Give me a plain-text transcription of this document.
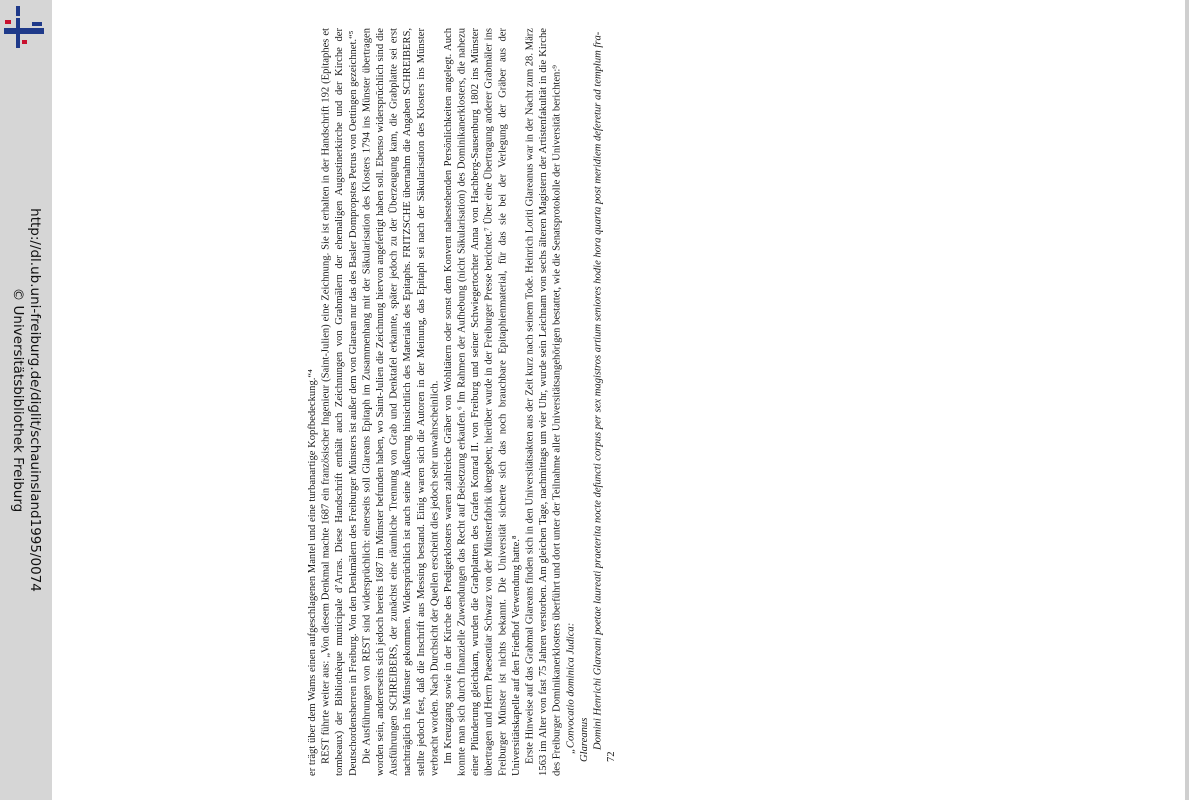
http://dl.ub.uni-freiburg.de/diglit/schauinsland1995/0074
© Universitätsbibliothek Freiburg	er trägt über dem Wams einen aufgeschlagenen Mantel und eine turbanartige Kopfbedeckung.“⁴ REST führte weiter aus: „Von diesem Denkmal machte 1687 ein französischer Ingenieur (Saint-Julien) eine Zeichnung. Sie ist erhalten in der Handschrift 192 (Epitaphes et tombeaux) der Bibliothèque municipale d’Arras. Diese Handschrift enthält auch Zeichnungen von Grabmälern der ehemaligen Augustinerkirche und der Kirche der Deutschordensherren in Freiburg. Von den Denkmälern des Freiburger Münsters ist außer dem von Glarean nur das des Basler Dompropstes Petrus von Oettingen gezeichnet.“⁵ Die Ausführungen von REST sind widersprüchlich: einerseits soll Glareans Epitaph im Zusammenhang mit der Säkularisation des Klosters 1794 ins Münster übertragen worden sein, andererseits sich jedoch bereits 1687 im Münster befunden haben, wo Saint-Julien die Zeichnung hiervon angefertigt haben soll. Ebenso widersprüchlich sind die Ausführungen SCHREIBERS, der zunächst eine räumliche Trennung von Grab und Denktafel erkannte, später jedoch zu der Überzeugung kam, die Grabplatte sei erst nachträglich ins Münster gekommen. Widersprüchlich ist auch seine Äußerung hinsichtlich des Materials des Epitaphs. FRITZSCHE übernahm die Angaben SCHREIBERS, stellte jedoch fest, daß die Inschrift aus Messing bestand. Einig waren sich die Autoren in der Meinung, das Epitaph sei nach der Säkularisation des Klosters ins Münster verbracht worden. Nach Durchsicht der Quellen erscheint dies jedoch sehr unwahrscheinlich. Im Kreuzgang sowie in der Kirche des Predigerklosters waren zahlreiche Gräber von Wohltätern oder sonst dem Konvent nahestehenden Persönlichkeiten angelegt. Auch konnte man sich durch finanzielle Zuwendungen das Recht auf Beisetzung erkaufen.⁶ Im Rahmen der Aufhebung (nicht Säkularisation) des Dominikanerklosters, die nahezu einer Plünderung gleichkam, wurden die Grabplatten des Grafen Konrad II. von Freiburg und seiner Schwiegertochter Anna von Hachberg-Sausenburg 1802 ins Münster übertragen und Herrn Praesentiar Schwarz von der Münsterfabrik übergeben; hierüber wurde in der Freiburger Presse berichtet.⁷ Über eine Übertragung anderer Grabmäler ins Freiburger Münster ist nichts bekannt. Die Universität sicherte sich das noch brauchbare Epitaphienmaterial, für das sie bei der Verlegung der Gräber aus der Universitätskapelle auf den Friedhof Verwendung hatte.⁸ Erste Hinweise auf das Grabmal Glareans finden sich in den Universitätsakten aus der Zeit kurz nach seinem Tode. Heinrich Loriti Glareanus war in der Nacht zum 28. März 1563 im Alter von fast 75 Jahren verstorben. Am gleichen Tage, nachmittags um vier Uhr, wurde sein Leichnam von sechs älteren Magistern der Artistenfakultät in die Kirche des Freiburger Dominikanerklosters überführt und dort unter der Teilnahme aller Universitätsangehörigen bestattet, wie die Senatsprotokolle der Universität berichten:⁹ „Convocatio dominica Judica: Glareanus Domini Henrichi Glareani poetae laureati praeterita nocte defuncti corpus per sex magistros artium seniores hodie hora quarta post meridiem deferetur ad templum fra-

72
